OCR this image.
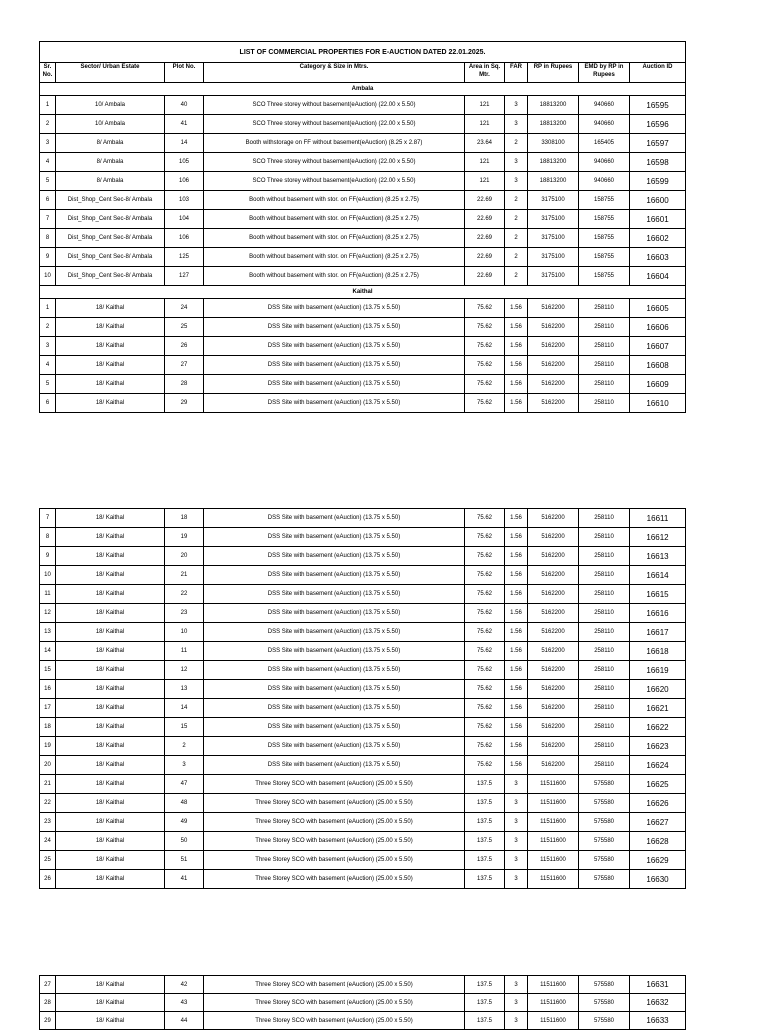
LIST OF COMMERCIAL PROPERTIES FOR E-AUCTION DATED 22.01.2025.								
Sr. No.	Sector/ Urban Estate	Plot No.	Category & Size in Mtrs.	Area in Sq. Mtr.	FAR	RP in Rupees	EMD by RP in Rupees	Auction ID
Ambala								
1	10/ Ambala	40	SCO Three storey without basement(eAuction) (22.00 x 5.50)	121	3	18813200	940660	16595
2	10/ Ambala	41	SCO Three storey without basement(eAuction) (22.00 x 5.50)	121	3	18813200	940660	16596
3	8/ Ambala	14	Booth withstorage on FF without basement(eAuction) (8.25 x 2.87)	23.64	2	3308100	165405	16597
4	8/ Ambala	105	SCO Three storey without basement(eAuction) (22.00 x 5.50)	121	3	18813200	940660	16598
5	8/ Ambala	106	SCO Three storey without basement(eAuction) (22.00 x 5.50)	121	3	18813200	940660	16599
6	Dist_Shop_Cent Sec-8/ Ambala	103	Booth without basement with stor. on FF(eAuction) (8.25 x 2.75)	22.69	2	3175100	158755	16600
7	Dist_Shop_Cent Sec-8/ Ambala	104	Booth without basement with stor. on FF(eAuction) (8.25 x 2.75)	22.69	2	3175100	158755	16601
8	Dist_Shop_Cent Sec-8/ Ambala	106	Booth without basement with stor. on FF(eAuction) (8.25 x 2.75)	22.69	2	3175100	158755	16602
9	Dist_Shop_Cent Sec-8/ Ambala	125	Booth without basement with stor. on FF(eAuction) (8.25 x 2.75)	22.69	2	3175100	158755	16603
10	Dist_Shop_Cent Sec-8/ Ambala	127	Booth without basement with stor. on FF(eAuction) (8.25 x 2.75)	22.69	2	3175100	158755	16604
Kaithal								
1	18/ Kaithal	24	DSS Site with basement (eAuction) (13.75 x 5.50)	75.62	1.56	5162200	258110	16605
2	18/ Kaithal	25	DSS Site with basement (eAuction) (13.75 x 5.50)	75.62	1.56	5162200	258110	16606
3	18/ Kaithal	26	DSS Site with basement (eAuction) (13.75 x 5.50)	75.62	1.56	5162200	258110	16607
4	18/ Kaithal	27	DSS Site with basement (eAuction) (13.75 x 5.50)	75.62	1.56	5162200	258110	16608
5	18/ Kaithal	28	DSS Site with basement (eAuction) (13.75 x 5.50)	75.62	1.56	5162200	258110	16609
6	18/ Kaithal	29	DSS Site with basement (eAuction) (13.75 x 5.50)	75.62	1.56	5162200	258110	16610
7	18/ Kaithal	18	DSS Site with basement (eAuction) (13.75 x 5.50)	75.62	1.56	5162200	258110	16611
8	18/ Kaithal	19	DSS Site with basement (eAuction) (13.75 x 5.50)	75.62	1.56	5162200	258110	16612
9	18/ Kaithal	20	DSS Site with basement (eAuction) (13.75 x 5.50)	75.62	1.56	5162200	258110	16613
10	18/ Kaithal	21	DSS Site with basement (eAuction) (13.75 x 5.50)	75.62	1.56	5162200	258110	16614
11	18/ Kaithal	22	DSS Site with basement (eAuction) (13.75 x 5.50)	75.62	1.56	5162200	258110	16615
12	18/ Kaithal	23	DSS Site with basement (eAuction) (13.75 x 5.50)	75.62	1.56	5162200	258110	16616
13	18/ Kaithal	10	DSS Site with basement (eAuction) (13.75 x 5.50)	75.62	1.56	5162200	258110	16617
14	18/ Kaithal	11	DSS Site with basement (eAuction) (13.75 x 5.50)	75.62	1.56	5162200	258110	16618
15	18/ Kaithal	12	DSS Site with basement (eAuction) (13.75 x 5.50)	75.62	1.56	5162200	258110	16619
16	18/ Kaithal	13	DSS Site with basement (eAuction) (13.75 x 5.50)	75.62	1.56	5162200	258110	16620
17	18/ Kaithal	14	DSS Site with basement (eAuction) (13.75 x 5.50)	75.62	1.56	5162200	258110	16621
18	18/ Kaithal	15	DSS Site with basement (eAuction) (13.75 x 5.50)	75.62	1.56	5162200	258110	16622
19	18/ Kaithal	2	DSS Site with basement (eAuction) (13.75 x 5.50)	75.62	1.56	5162200	258110	16623
20	18/ Kaithal	3	DSS Site with basement (eAuction) (13.75 x 5.50)	75.62	1.56	5162200	258110	16624
21	18/ Kaithal	47	Three Storey SCO with basement (eAuction) (25.00 x 5.50)	137.5	3	11511600	575580	16625
22	18/ Kaithal	48	Three Storey SCO with basement (eAuction) (25.00 x 5.50)	137.5	3	11511600	575580	16626
23	18/ Kaithal	49	Three Storey SCO with basement (eAuction) (25.00 x 5.50)	137.5	3	11511600	575580	16627
24	18/ Kaithal	50	Three Storey SCO with basement (eAuction) (25.00 x 5.50)	137.5	3	11511600	575580	16628
25	18/ Kaithal	51	Three Storey SCO with basement (eAuction) (25.00 x 5.50)	137.5	3	11511600	575580	16629
26	18/ Kaithal	41	Three Storey SCO with basement (eAuction) (25.00 x 5.50)	137.5	3	11511600	575580	16630
27	18/ Kaithal	42	Three Storey SCO with basement (eAuction) (25.00 x 5.50)	137.5	3	11511600	575580	16631
28	18/ Kaithal	43	Three Storey SCO with basement (eAuction) (25.00 x 5.50)	137.5	3	11511600	575580	16632
29	18/ Kaithal	44	Three Storey SCO with basement (eAuction) (25.00 x 5.50)	137.5	3	11511600	575580	16633
